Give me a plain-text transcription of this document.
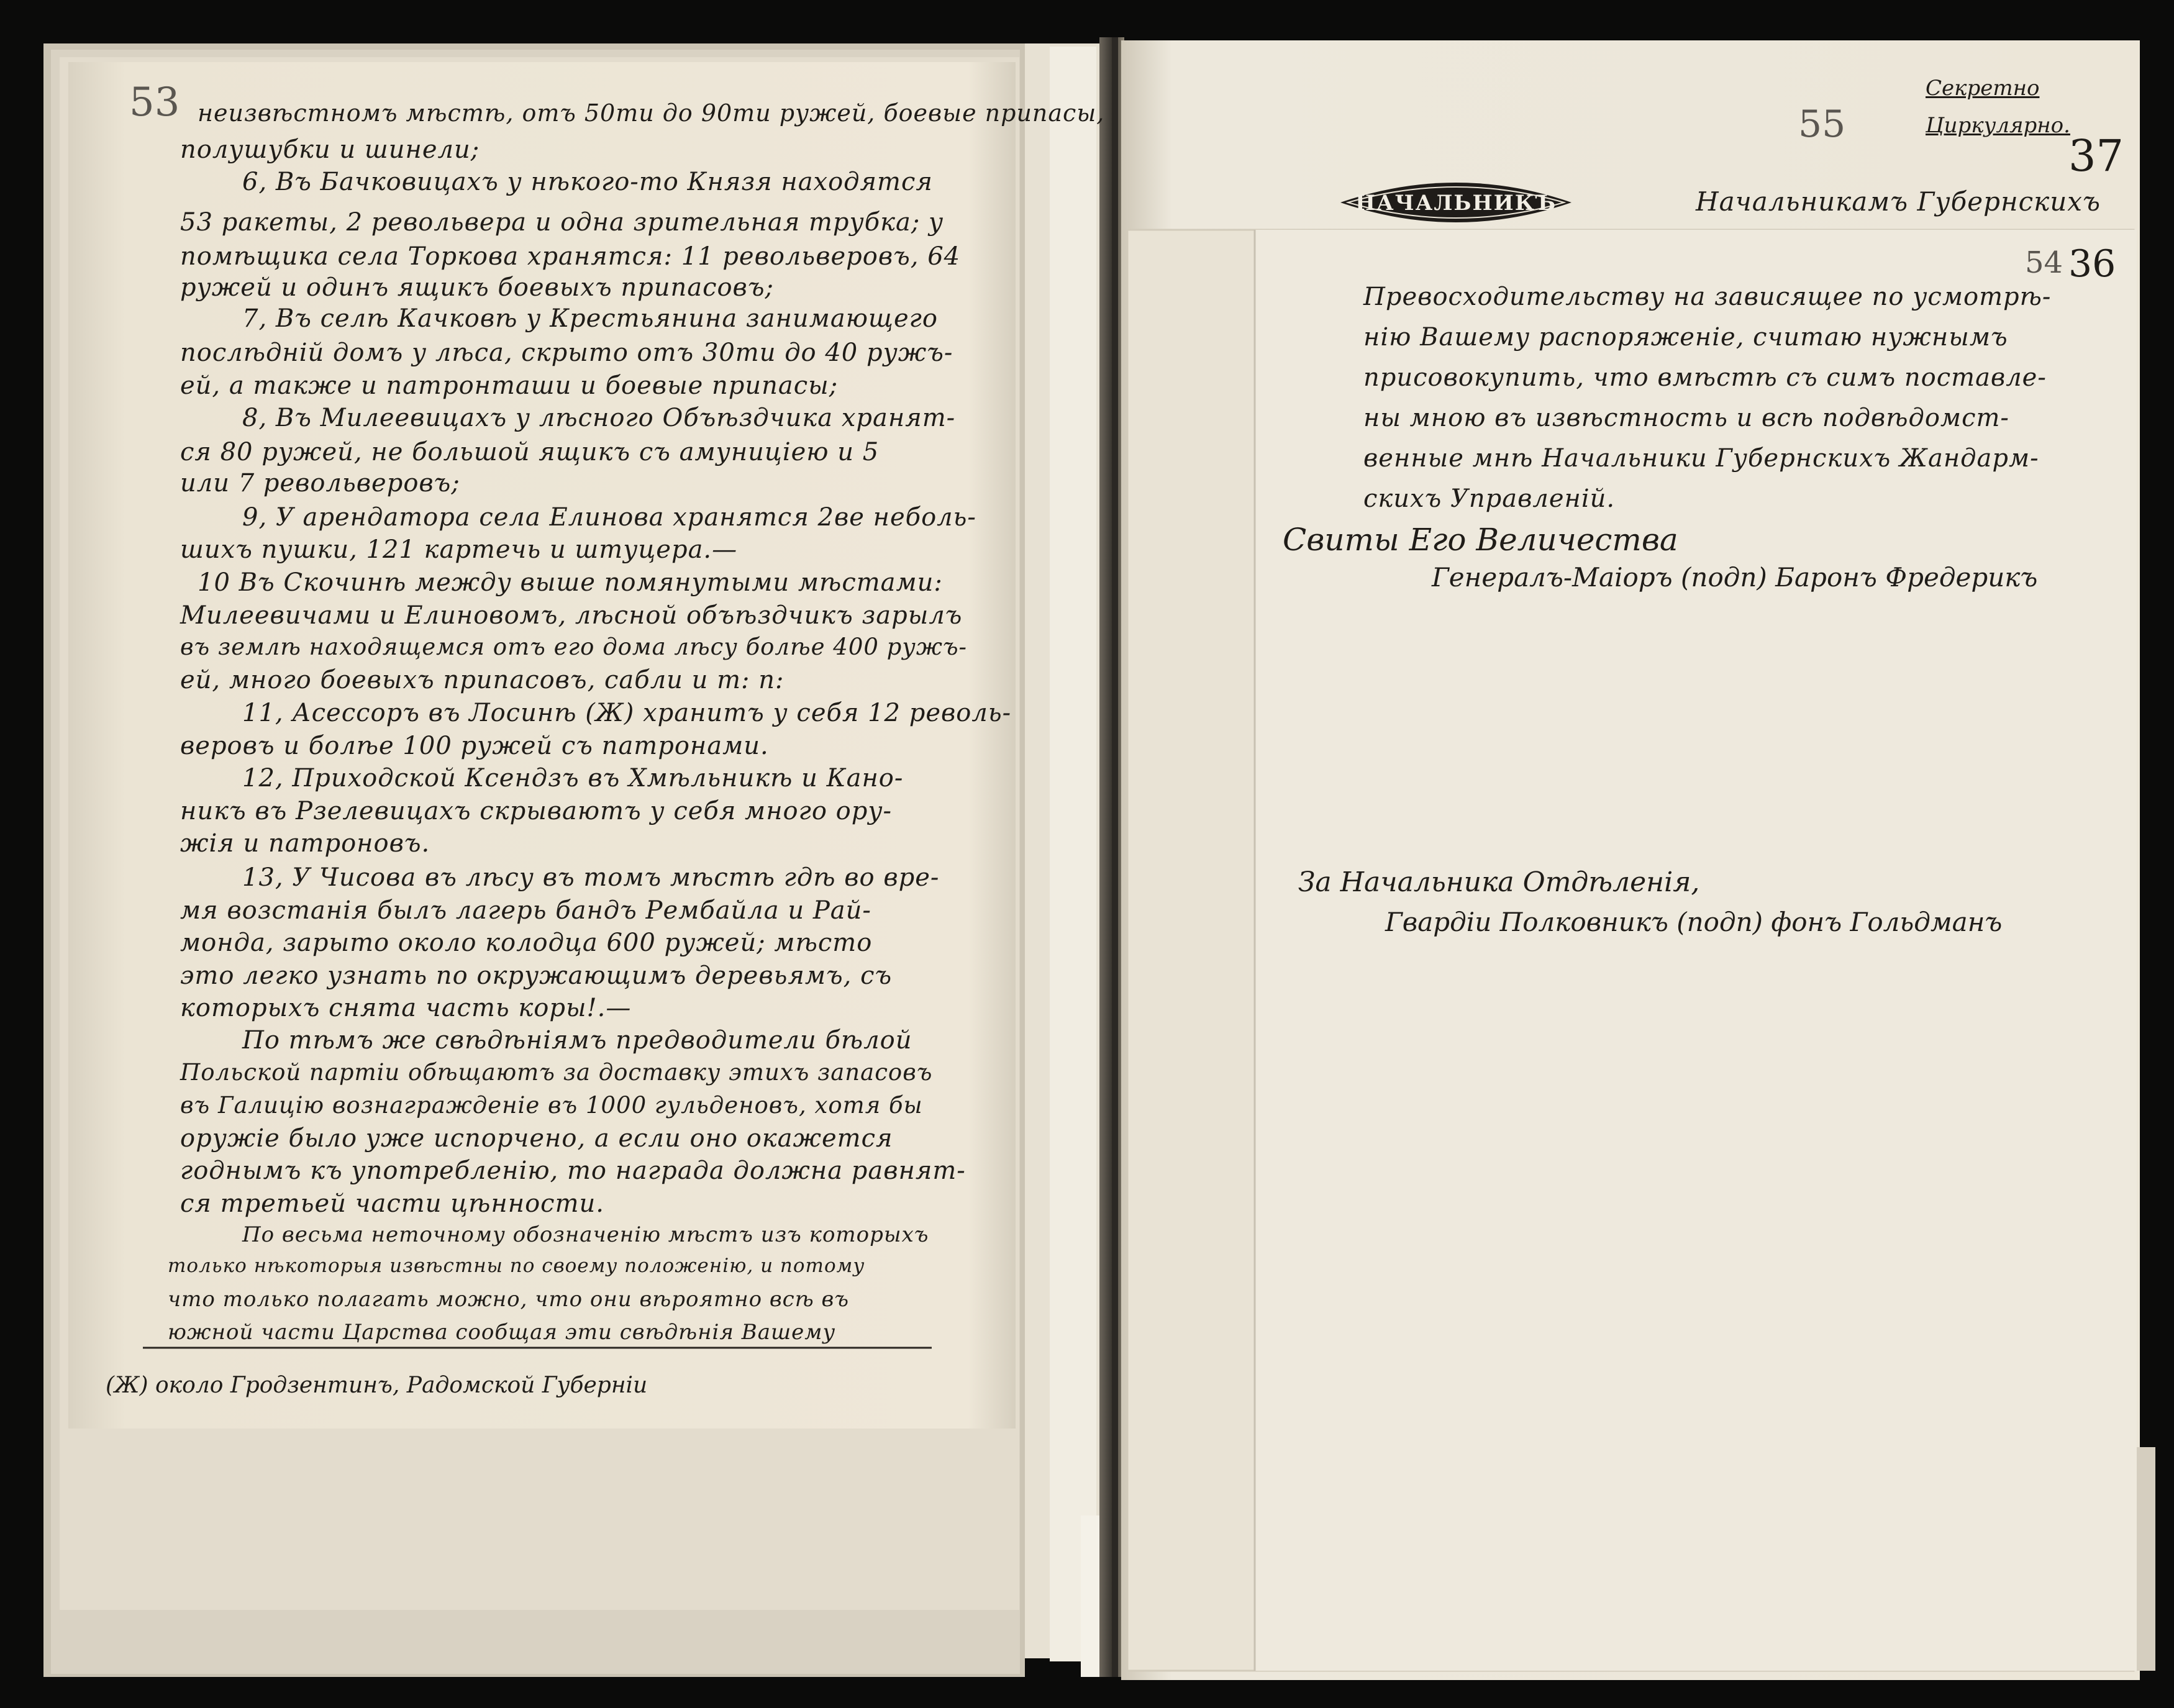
НАЧАЛЬНИКЪ
53 неизвѣстномъ мѣстѣ, отъ 50ти до 90ти ружей, боевые припасы,
полушубки и шинели;
6, Въ Бачковицахъ у нѣкого-то Князя находятся
53 ракеты, 2 револьвера и одна зрительная трубка; у
помѣщика села Торкова хранятся: 11 револьверовъ, 64
ружей и одинъ ящикъ боевыхъ припасовъ;
7, Въ селѣ Качковѣ у Крестьянина занимающего
послѣдній домъ у лѣса, скрыто отъ 30ти до 40 ружъ-
ей, а также и патронташи и боевые припасы;
8, Въ Милеевицахъ у лѣсного Объѣздчика хранят-
ся 80 ружей, не большой ящикъ съ амуницiею и 5
или 7 револьверовъ;
9, У арендатора села Елинова хранятся 2ве неболь-
шихъ пушки, 121 картечь и штуцера.—
10 Въ Скочинѣ между выше помянутыми мѣстами:
Милеевичами и Елиновомъ, лѣсной объѣздчикъ зарылъ
въ землѣ находящемся отъ его дома лѣсу болѣе 400 ружъ-
ей, много боевыхъ припасовъ, сабли и т: п:
11, Асессоръ въ Лосинѣ (Ж) хранитъ у себя 12 револь-
веровъ и болѣе 100 ружей съ патронами.
12, Приходской Ксендзъ въ Хмѣльникѣ и Кано-
никъ въ Рзелевицахъ скрываютъ у себя много ору-
жiя и патроновъ.
13, У Чисова въ лѣсу въ томъ мѣстѣ гдѣ во вре-
мя возстанiя былъ лагерь бандъ Рембайла и Рай-
монда, зарыто около колодца 600 ружей; мѣсто
это легко узнать по окружающимъ деревьямъ, съ
которыхъ снята часть коры!.—
По тѣмъ же свѣдѣнiямъ предводители бѣлой
Польской партiи обѣщаютъ за доставку этихъ запасовъ
въ Галицiю вознагражденiе въ 1000 гульденовъ, хотя бы
оружiе было уже испорчено, а если оно окажется
годнымъ къ употребленiю, то награда должна равнят-
ся третьей части цѣнности.
По весьма неточному обозначенiю мѣстъ изъ которыхъ
только нѣкоторыя извѣстны по своему положенiю, и потому
что только полагать можно, что они вѣроятно всѣ въ
южной части Царства сообщая эти свѣдѣнiя Вашему
(Ж) около Гродзентинъ, Радомской Губернiи
55
Секретно
Циркулярно.
37
54 36
Начальникамъ Губернскихъ
Превосходительству на зависящее по усмотрѣ-
нiю Вашему распоряженiе, считаю нужнымъ
присовокупить, что вмѣстѣ съ симъ поставле-
ны мною въ извѣстность и всѣ подвѣдомст-
венные мнѣ Начальники Губернскихъ Жандарм-
скихъ Управленiй.
Свиты Его Величества
Генералъ-Маiоръ (подп) Баронъ Фредерикъ
За Начальника Отдѣленiя,
Гвардiи Полковникъ (подп) фонъ Гольдманъ
